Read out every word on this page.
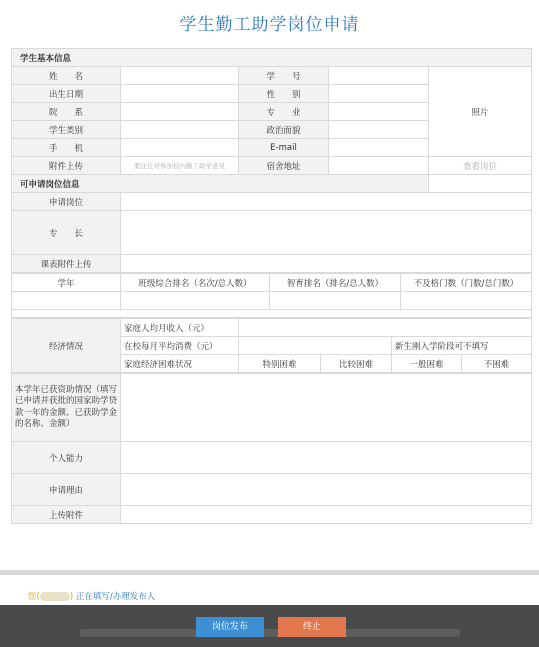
学生勤工助学岗位申请
学生基本信息				
姓　　名		学　　号		照片
出生日期		性　　别		
院　　系		专　　业		
学生类别		政治面貌		
手　　机		E-mail		
附件上传	要注任对参加校内勤工助学意见	宿舍地址		查看岗位
可申请岗位信息				
申请岗位				
专　　长				
课表附件上传				
学年	班级综合排名（名次/总人数）	智育排名（排名/总人数）	不及格门数（门数/总门数）

经济情况	家庭人均月收入（元）				
	在校每月平均消费（元）			新生刚入学阶段可不填写	
	家庭经济困难状况	特别困难	比较困难	一般困难	不困难
本学年已获资助情况（填写已申请并获批的国家助学贷款一年的金额、已获助学金的名称、金额）	
个人能力	
申请理由	
上传附件	
您(	) 正在填写/办理发布人
岗位发布	终止
